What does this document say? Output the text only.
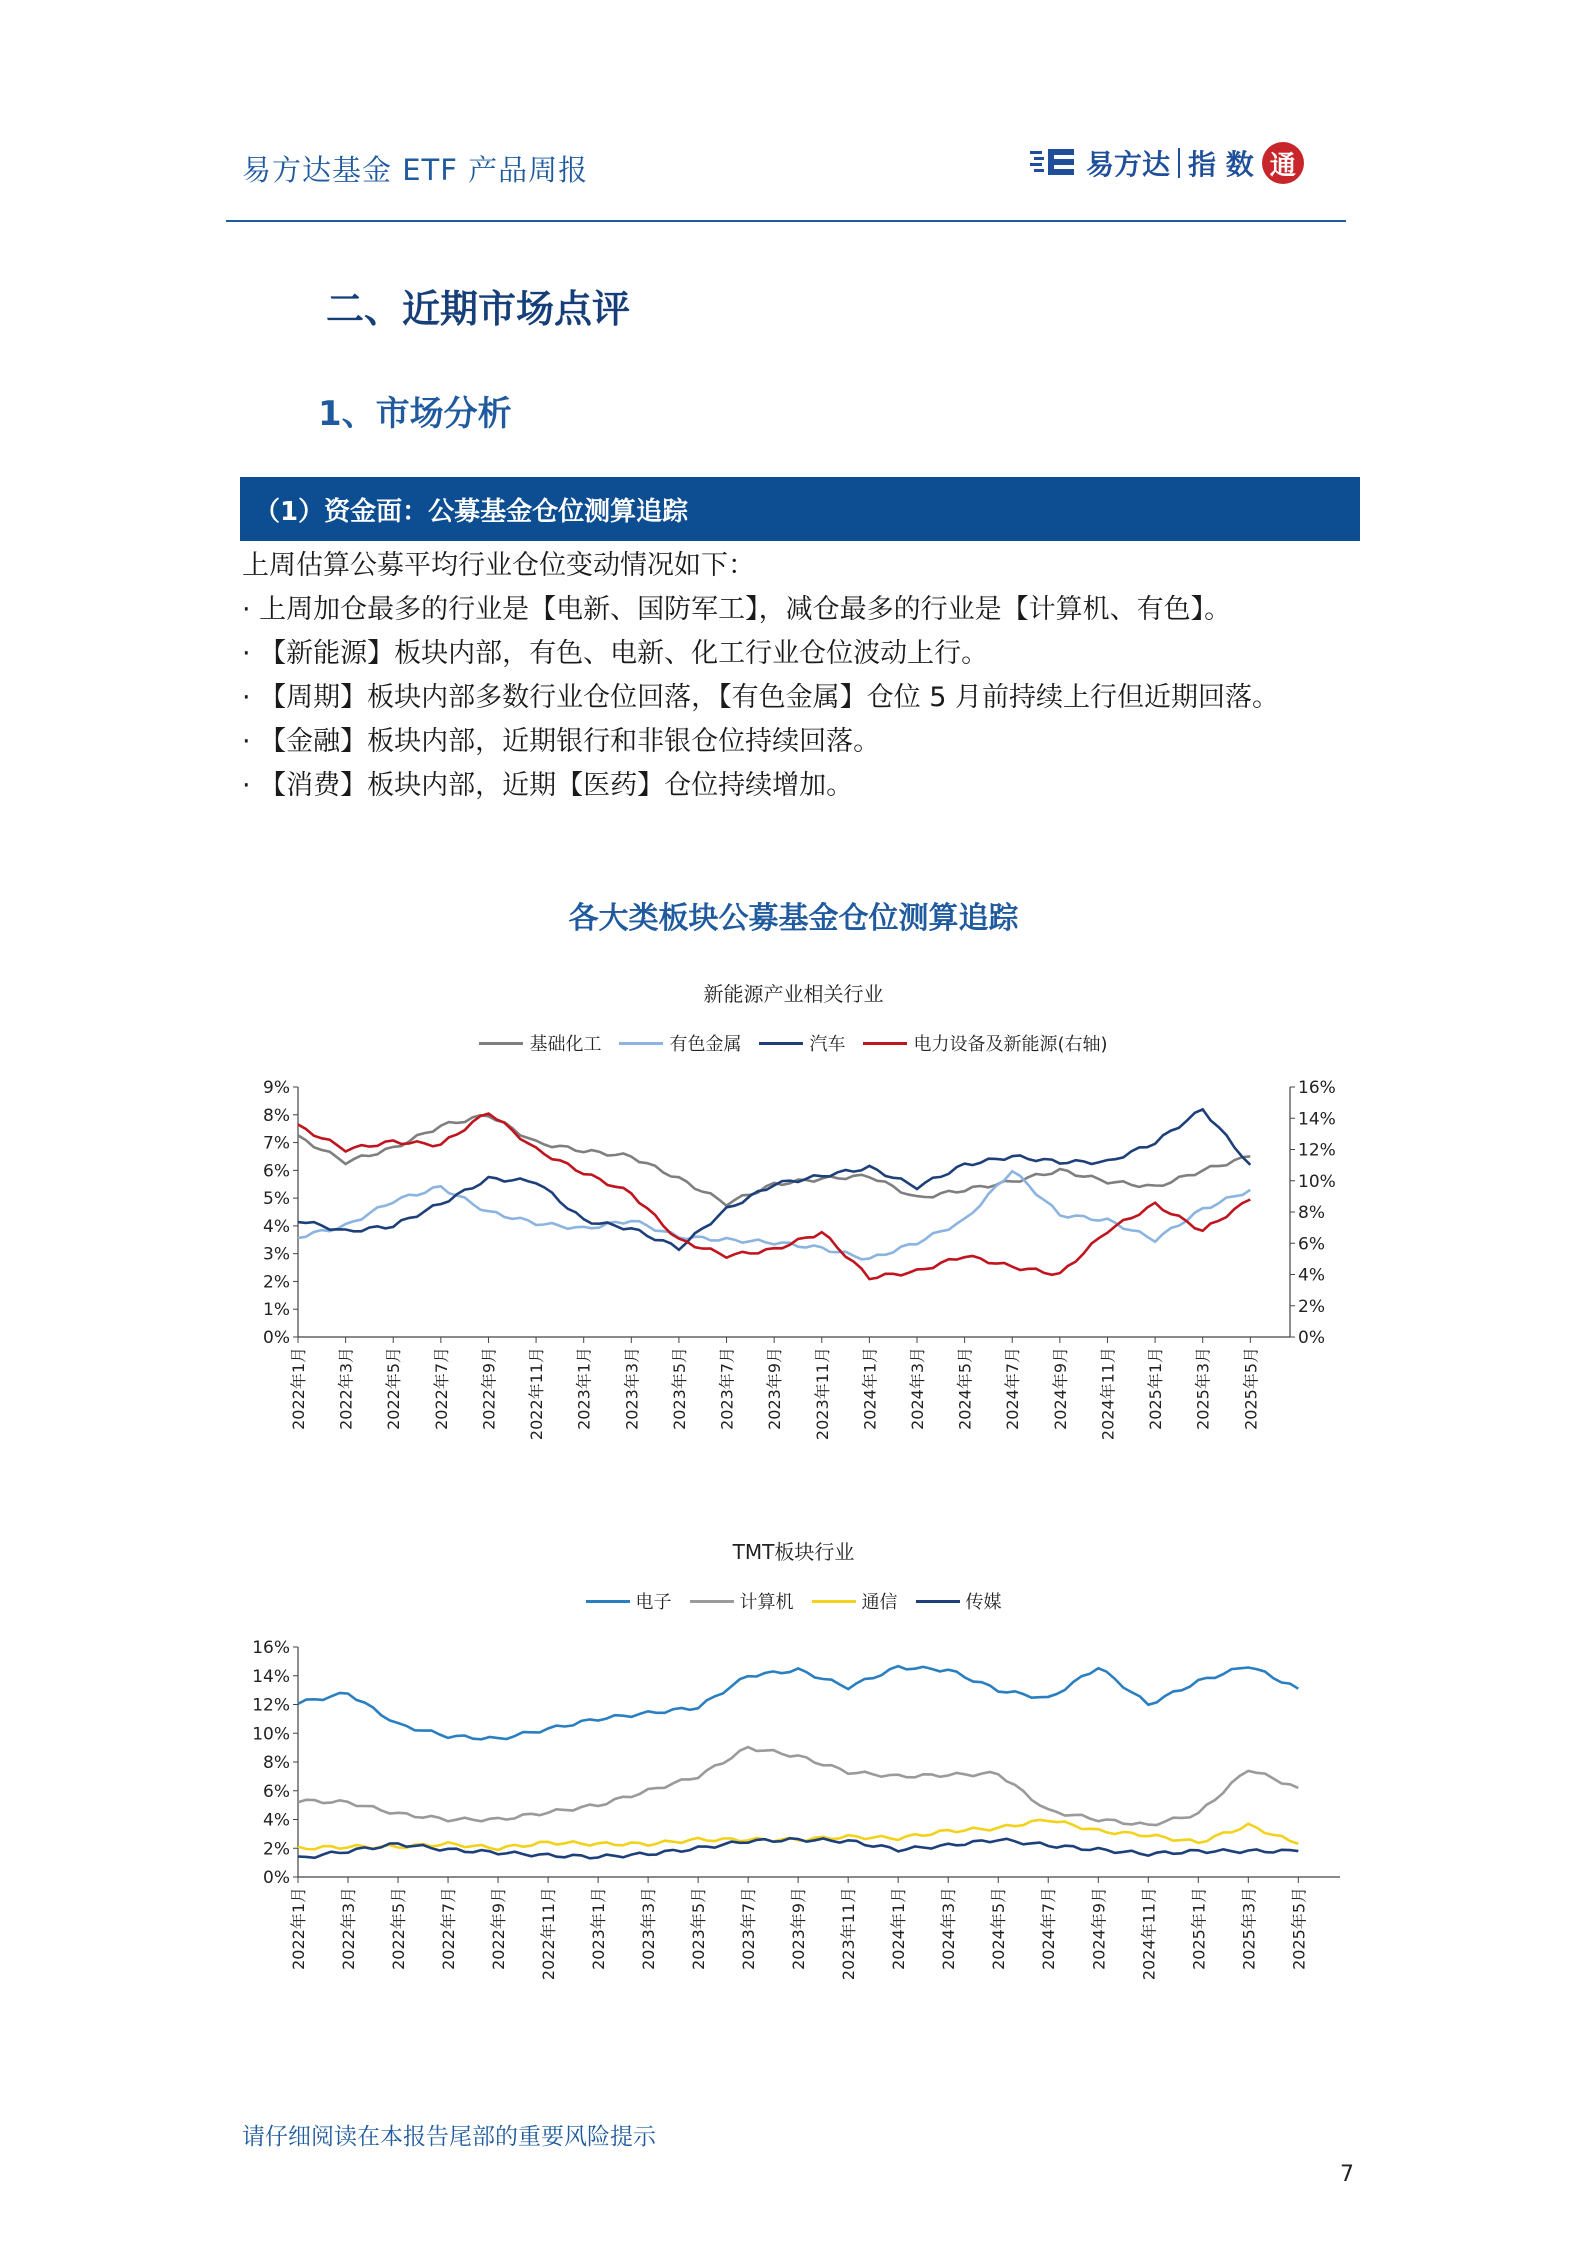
易方达基金 ETF 产品周报	易方达 指 数 通
二、近期市场点评
1、市场分析
（1）资金面：公募基金仓位测算追踪
上周估算公募平均行业仓位变动情况如下：
· 上周加仓最多的行业是【电新、国防军工】，减仓最多的行业是【计算机、有色】。
· 【新能源】板块内部，有色、电新、化工行业仓位波动上行。
· 【周期】板块内部多数行业仓位回落，【有色金属】仓位 5 月前持续上行但近期回落。
· 【金融】板块内部，近期银行和非银仓位持续回落。
· 【消费】板块内部，近期【医药】仓位持续增加。
各大类板块公募基金仓位测算追踪
新能源产业相关行业
基础化工	有色金属	汽车	电力设备及新能源(右轴)
0%
1%
2%
3%
4%
5%
6%
7%
8%
9%
0%
2%
4%
6%
8%
10%
12%
14%
16%
2022年1月 2022年3月 2022年5月 2022年7月 2022年9月 2022年11月 2023年1月 2023年3月 2023年5月 2023年7月 2023年9月 2023年11月 2024年1月 2024年3月 2024年5月 2024年7月 2024年9月 2024年11月 2025年1月 2025年3月 2025年5月
TMT板块行业
电子	计算机	通信	传媒
0%
2%
4%
6%
8%
10%
12%
14%
16%
2022年1月 2022年3月 2022年5月 2022年7月 2022年9月 2022年11月 2023年1月 2023年3月 2023年5月 2023年7月 2023年9月 2023年11月 2024年1月 2024年3月 2024年5月 2024年7月 2024年9月 2024年11月 2025年1月 2025年3月 2025年5月
请仔细阅读在本报告尾部的重要风险提示
7
